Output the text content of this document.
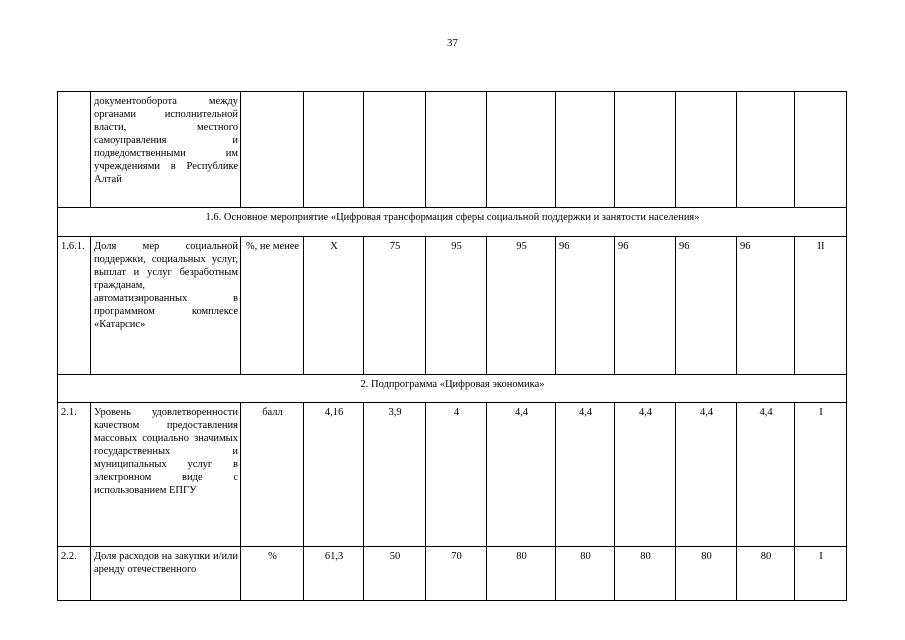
37
	документооборота между органами исполнительной власти, местного самоуправления и подведомственными им учреждениями в Республике Алтай										
1.6. Основное мероприятие «Цифровая трансформация сферы социальной поддержки и занятости населения»											
1.6.1.	Доля мер социальной поддержки, социальных услуг, выплат и услуг безработным гражданам, автоматизированных в программном комплексе «Катарсис»	%, не менее	Х	75	95	95	96	96	96	96	II
2. Подпрограмма «Цифровая экономика»											
2.1.	Уровень удовлетворенности качеством предоставления массовых социально значимых государственных и муниципальных услуг в электронном виде с использованием ЕПГУ	балл	4,16	3,9	4	4,4	4,4	4,4	4,4	4,4	I
2.2.	Доля расходов на закупки и/или аренду отечественного	%	61,3	50	70	80	80	80	80	80	I
